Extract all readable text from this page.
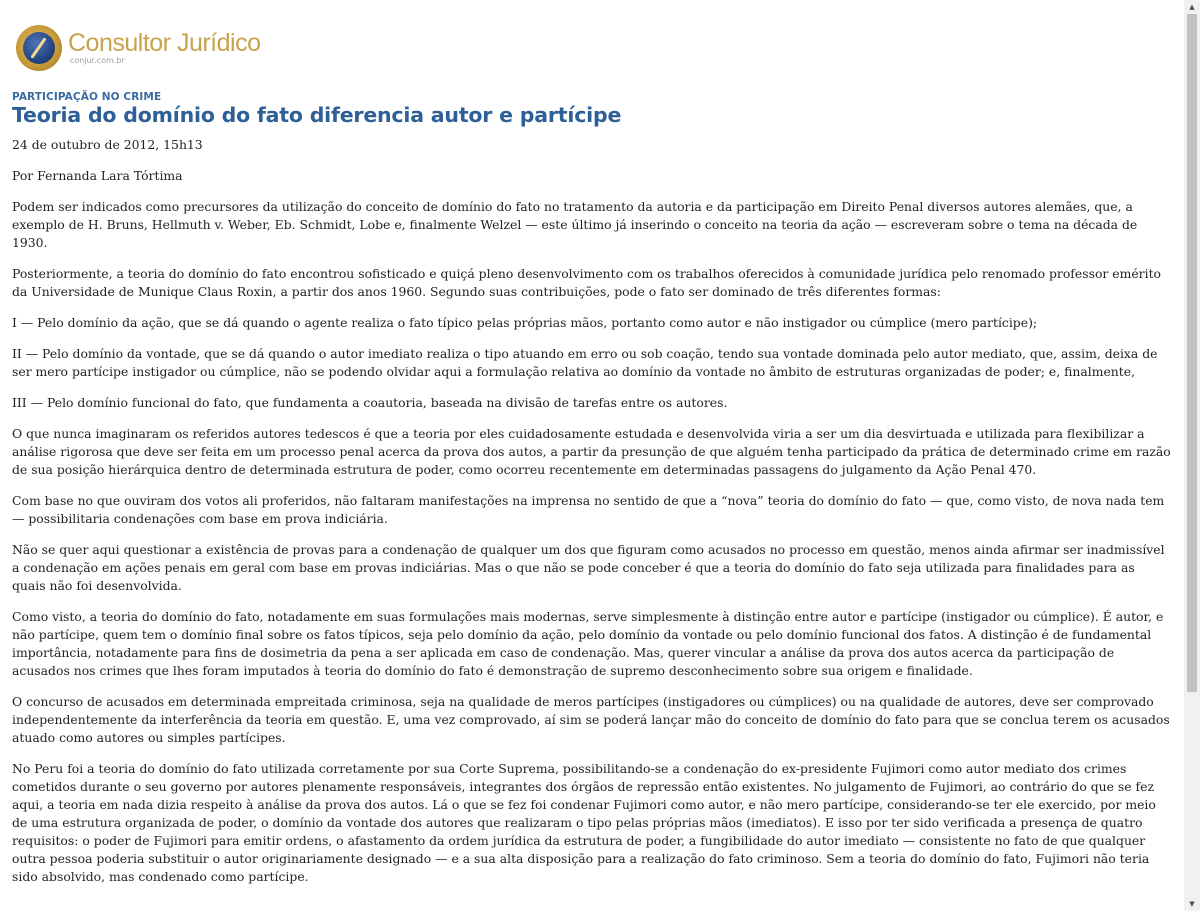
Consultor Jurídico
conjur.com.br
PARTICIPAÇÃO NO CRIME
Teoria do domínio do fato diferencia autor e partícipe
24 de outubro de 2012, 15h13
Por Fernanda Lara Tórtima

Podem ser indicados como precursores da utilização do conceito de domínio do fato no tratamento da autoria e da participação em Direito Penal diversos autores alemães, que, a exemplo de H. Bruns, Hellmuth v. Weber, Eb. Schmidt, Lobe e, finalmente Welzel — este último já inserindo o conceito na teoria da ação — escreveram sobre o tema na década de 1930.

Posteriormente, a teoria do domínio do fato encontrou sofisticado e quiçá pleno desenvolvimento com os trabalhos oferecidos à comunidade jurídica pelo renomado professor emérito da Universidade de Munique Claus Roxin, a partir dos anos 1960. Segundo suas contribuições, pode o fato ser dominado de três diferentes formas:

I — Pelo domínio da ação, que se dá quando o agente realiza o fato típico pelas próprias mãos, portanto como autor e não instigador ou cúmplice (mero partícipe);

II — Pelo domínio da vontade, que se dá quando o autor imediato realiza o tipo atuando em erro ou sob coação, tendo sua vontade dominada pelo autor mediato, que, assim, deixa de ser mero partícipe instigador ou cúmplice, não se podendo olvidar aqui a formulação relativa ao domínio da vontade no âmbito de estruturas organizadas de poder; e, finalmente,

III — Pelo domínio funcional do fato, que fundamenta a coautoria, baseada na divisão de tarefas entre os autores.

O que nunca imaginaram os referidos autores tedescos é que a teoria por eles cuidadosamente estudada e desenvolvida viria a ser um dia desvirtuada e utilizada para flexibilizar a análise rigorosa que deve ser feita em um processo penal acerca da prova dos autos, a partir da presunção de que alguém tenha participado da prática de determinado crime em razão de sua posição hierárquica dentro de determinada estrutura de poder, como ocorreu recentemente em determinadas passagens do julgamento da Ação Penal 470.

Com base no que ouviram dos votos ali proferidos, não faltaram manifestações na imprensa no sentido de que a “nova” teoria do domínio do fato — que, como visto, de nova nada tem — possibilitaria condenações com base em prova indiciária.

Não se quer aqui questionar a existência de provas para a condenação de qualquer um dos que figuram como acusados no processo em questão, menos ainda afirmar ser inadmissível a condenação em ações penais em geral com base em provas indiciárias. Mas o que não se pode conceber é que a teoria do domínio do fato seja utilizada para finalidades para as quais não foi desenvolvida.

Como visto, a teoria do domínio do fato, notadamente em suas formulações mais modernas, serve simplesmente à distinção entre autor e partícipe (instigador ou cúmplice). É autor, e não partícipe, quem tem o domínio final sobre os fatos típicos, seja pelo domínio da ação, pelo domínio da vontade ou pelo domínio funcional dos fatos. A distinção é de fundamental importância, notadamente para fins de dosimetria da pena a ser aplicada em caso de condenação. Mas, querer vincular a análise da prova dos autos acerca da participação de acusados nos crimes que lhes foram imputados à teoria do domínio do fato é demonstração de supremo desconhecimento sobre sua origem e finalidade.

O concurso de acusados em determinada empreitada criminosa, seja na qualidade de meros partícipes (instigadores ou cúmplices) ou na qualidade de autores, deve ser comprovado independentemente da interferência da teoria em questão. E, uma vez comprovado, aí sim se poderá lançar mão do conceito de domínio do fato para que se conclua terem os acusados atuado como autores ou simples partícipes.

No Peru foi a teoria do domínio do fato utilizada corretamente por sua Corte Suprema, possibilitando-se a condenação do ex-presidente Fujimori como autor mediato dos crimes cometidos durante o seu governo por autores plenamente responsáveis, integrantes dos órgãos de repressão então existentes. No julgamento de Fujimori, ao contrário do que se fez aqui, a teoria em nada dizia respeito à análise da prova dos autos. Lá o que se fez foi condenar Fujimori como autor, e não mero partícipe, considerando-se ter ele exercido, por meio de uma estrutura organizada de poder, o domínio da vontade dos autores que realizaram o tipo pelas próprias mãos (imediatos). E isso por ter sido verificada a presença de quatro requisitos: o poder de Fujimori para emitir ordens, o afastamento da ordem jurídica da estrutura de poder, a fungibilidade do autor imediato — consistente no fato de que qualquer outra pessoa poderia substituir o autor originariamente designado — e a sua alta disposição para a realização do fato criminoso. Sem a teoria do domínio do fato, Fujimori não teria sido absolvido, mas condenado como partícipe.

▲
▼
